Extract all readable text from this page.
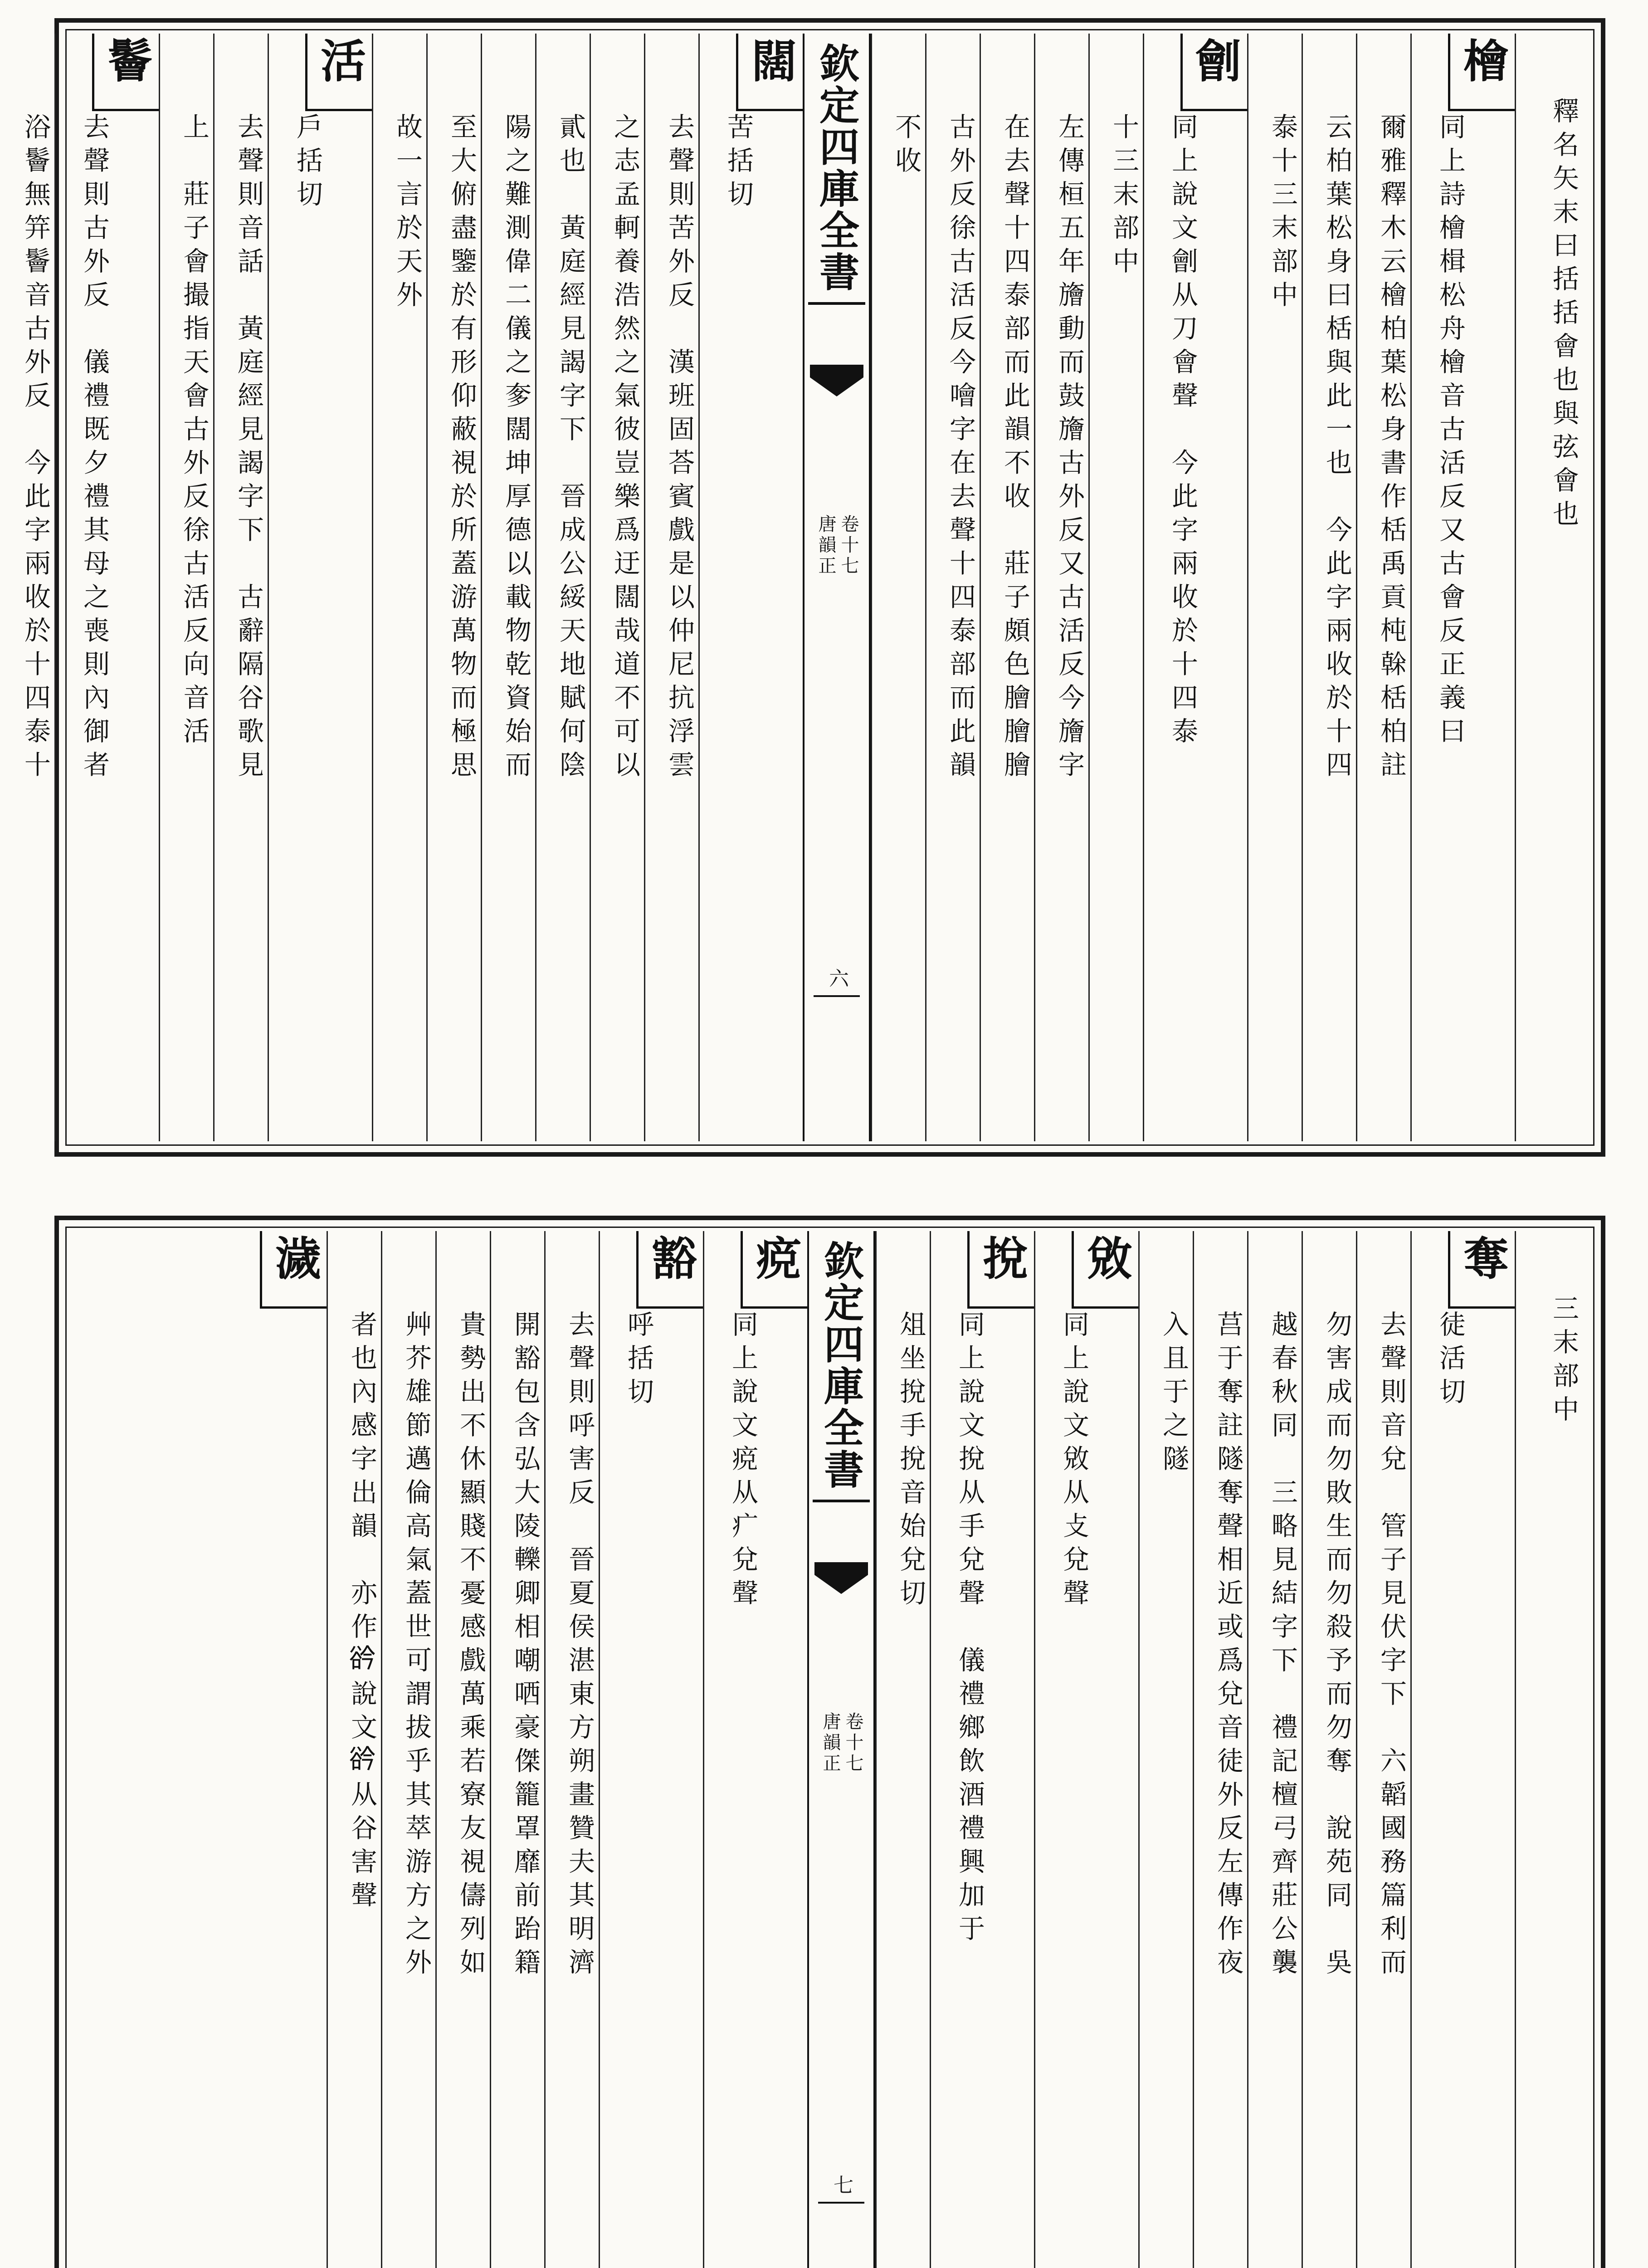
釋名矢末曰括括會也與弦會也
檜
同上詩檜楫松舟檜音古活反又古會反正義曰
爾雅釋木云檜柏葉松身書作栝禹貢杶榦栝柏註
云柏葉松身曰栝與此一也　今此字兩收於十四
泰十三末部中
劊
同上說文劊从刀會聲　今此字兩收於十四泰
十三末部中
左傳桓五年旝動而鼓旝古外反又古活反今旝字
在去聲十四泰部而此韻不收　莊子頗色膾膾膾
古外反徐古活反今噲字在去聲十四泰部而此韻
不收
欽定四庫全書
唐韻正 卷十七
六
闊
苦括切
去聲則苦外反　漢班固荅賓戲是以仲尼抗浮雲
之志孟軻養浩然之氣彼豈樂爲迂闊哉道不可以
貳也　黃庭經見謁字下　晉成公綏天地賦何陰
陽之難測偉二儀之奓闊坤厚德以載物乾資始而
至大俯盡鑒於有形仰蔽視於所蓋游萬物而極思
故一言於天外
活
戶括切
去聲則音話　黃庭經見謁字下　古辭隔谷歌見
上　莊子會撮指天會古外反徐古活反向音活
鬠
去聲則古外反　儀禮既夕禮其母之喪則內御者
浴鬠無笄鬠音古外反　今此字兩收於十四泰十
三末部中
奪
徒活切
去聲則音兌　管子見伏字下　六韜國務篇利而
勿害成而勿敗生而勿殺予而勿奪　說苑同　吳
越春秋同　三略見結字下　禮記檀弓齊莊公襲
莒于奪註隧奪聲相近或爲兌音徒外反左傳作夜
入且于之隧
敓
同上說文敓从攴兌聲
挩
同上說文挩从手兌聲　儀禮鄉飲酒禮興加于
俎坐挩手挩音始兌切
欽定四庫全書
唐韻正 卷十七
七
痥
同上說文痥从疒兌聲
豁
呼括切
去聲則呼害反　晉夏侯湛東方朔畫贊夫其明濟
開豁包含弘大陵轢卿相嘲哂豪傑籠罩靡前跆籍
貴勢出不休顯賤不憂感戲萬乘若寮友視儔列如
艸芥雄節邁倫高氣蓋世可謂拔乎其萃游方之外
者也內感字出韻　亦作𧮰說文𧮰从谷害聲
濊
